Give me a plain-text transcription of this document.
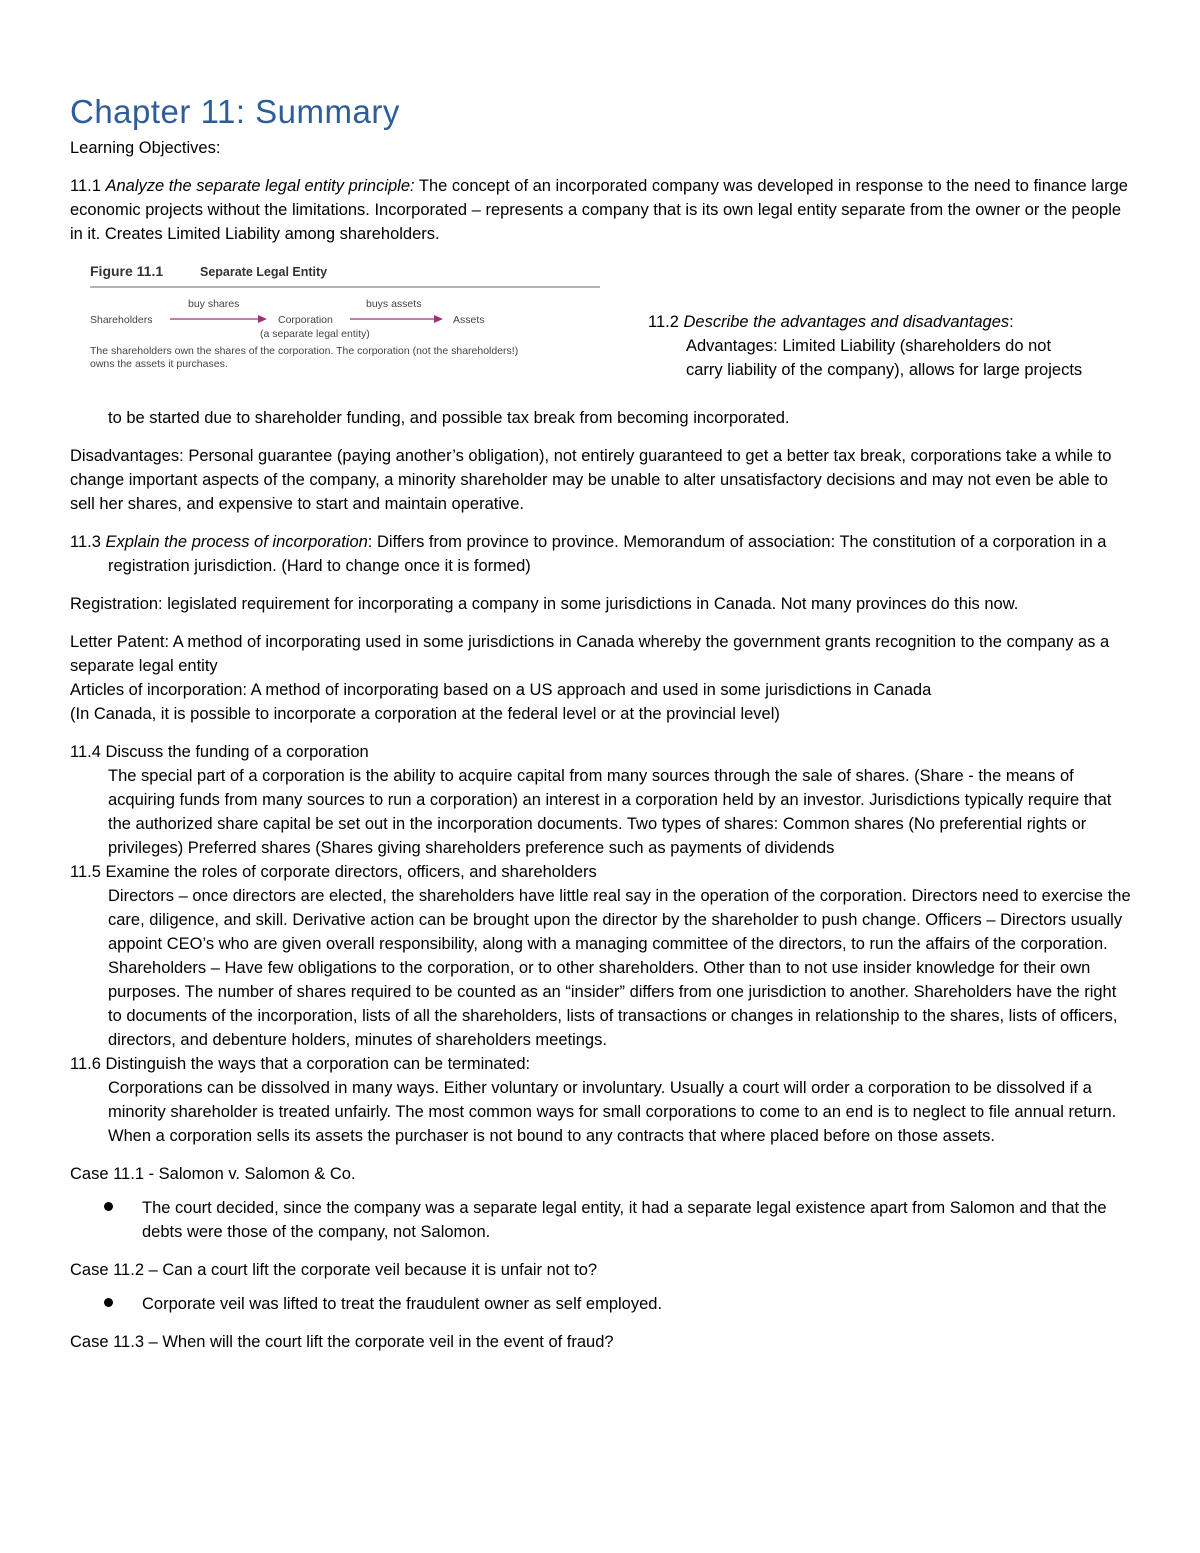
Chapter 11: Summary

Learning Objectives:

11.1 Analyze the separate legal entity principle: The concept of an incorporated company was developed in response to the need to finance large economic projects without the limitations. Incorporated – represents a company that is its own legal entity separate from the owner or the people in it. Creates Limited Liability among shareholders.

Figure 11.1	Separate Legal Entity
buy shares	buys assets
Shareholders	Corporation	Assets
(a separate legal entity)
The shareholders own the shares of the corporation. The corporation (not the shareholders!)
owns the assets it purchases.

11.2 Describe the advantages and disadvantages:

Advantages: Limited Liability (shareholders do not

carry liability of the company), allows for large projects

to be started due to shareholder funding, and possible tax break from becoming incorporated.

Disadvantages: Personal guarantee (paying another’s obligation), not entirely guaranteed to get a better tax break, corporations take a while to change important aspects of the company, a minority shareholder may be unable to alter unsatisfactory decisions and may not even be able to sell her shares, and expensive to start and maintain operative.

11.3 Explain the process of incorporation: Differs from province to province. Memorandum of association: The constitution of a corporation in a registration jurisdiction. (Hard to change once it is formed)

Registration: legislated requirement for incorporating a company in some jurisdictions in Canada. Not many provinces do this now.

Letter Patent: A method of incorporating used in some jurisdictions in Canada whereby the government grants recognition to the company as a separate legal entity

Articles of incorporation: A method of incorporating based on a US approach and used in some jurisdictions in Canada

(In Canada, it is possible to incorporate a corporation at the federal level or at the provincial level)

11.4 Discuss the funding of a corporation

The special part of a corporation is the ability to acquire capital from many sources through the sale of shares. (Share - the means of acquiring funds from many sources to run a corporation) an interest in a corporation held by an investor. Jurisdictions typically require that the authorized share capital be set out in the incorporation documents. Two types of shares: Common shares (No preferential rights or privileges) Preferred shares (Shares giving shareholders preference such as payments of dividends

11.5 Examine the roles of corporate directors, officers, and shareholders

Directors – once directors are elected, the shareholders have little real say in the operation of the corporation. Directors need to exercise the care, diligence, and skill. Derivative action can be brought upon the director by the shareholder to push change. Officers – Directors usually appoint CEO’s who are given overall responsibility, along with a managing committee of the directors, to run the affairs of the corporation. Shareholders – Have few obligations to the corporation, or to other shareholders. Other than to not use insider knowledge for their own purposes. The number of shares required to be counted as an “insider” differs from one jurisdiction to another. Shareholders have the right to documents of the incorporation, lists of all the shareholders, lists of transactions or changes in relationship to the shares, lists of officers, directors, and debenture holders, minutes of shareholders meetings.

11.6 Distinguish the ways that a corporation can be terminated:

Corporations can be dissolved in many ways. Either voluntary or involuntary. Usually a court will order a corporation to be dissolved if a minority shareholder is treated unfairly. The most common ways for small corporations to come to an end is to neglect to file annual return.

When a corporation sells its assets the purchaser is not bound to any contracts that where placed before on those assets.

Case 11.1 - Salomon v. Salomon & Co.

The court decided, since the company was a separate legal entity, it had a separate legal existence apart from Salomon and that the debts were those of the company, not Salomon.

Case 11.2 – Can a court lift the corporate veil because it is unfair not to?

Corporate veil was lifted to treat the fraudulent owner as self employed.

Case 11.3 – When will the court lift the corporate veil in the event of fraud?
